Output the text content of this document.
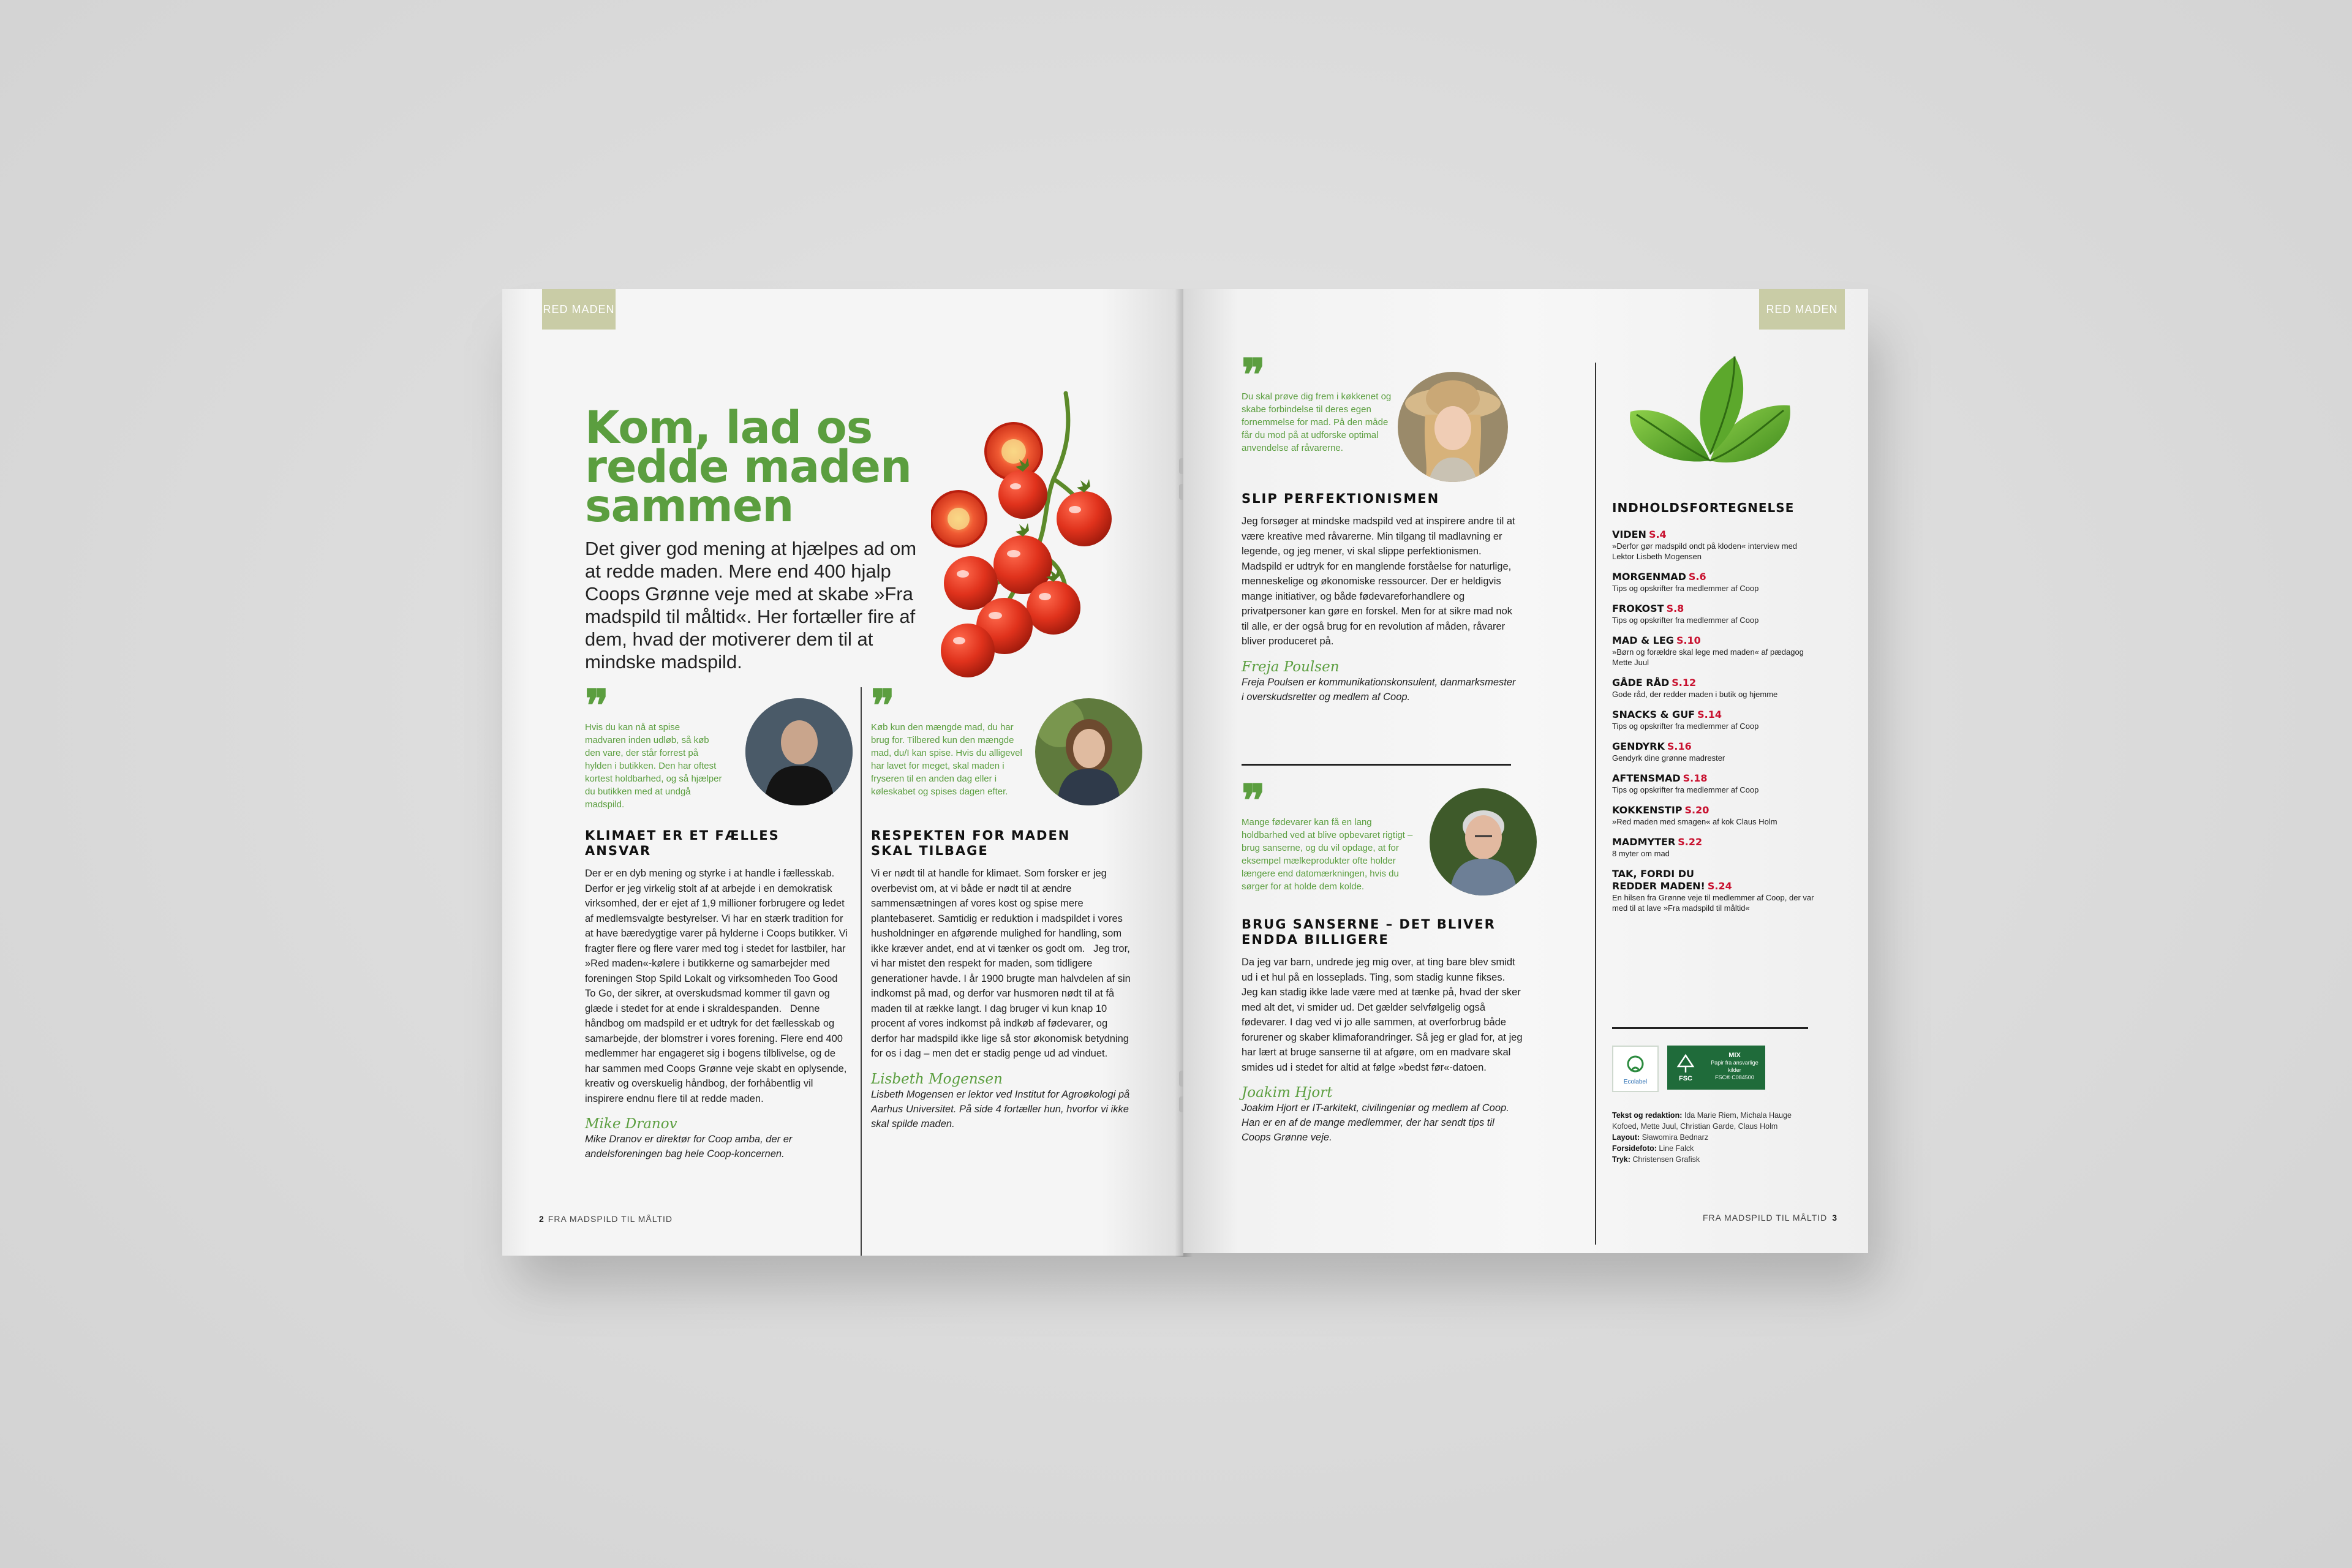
RED MADEN
Kom, lad os redde maden sammen
Det giver god mening at hjælpes ad om at redde maden. Mere end 400 hjalp Coops Grønne veje med at skabe »Fra madspild til måltid«. Her fortæller fire af dem, hvad der motiverer dem til at mindske madspild.
❞
Hvis du kan nå at spise madvaren inden udløb, så køb den vare, der står forrest på hylden i butikken. Den har oftest kortest holdbarhed, og så hjælper du butikken med at undgå madspild.
KLIMAET ER ET FÆLLES ANSVAR
Der er en dyb mening og styrke i at handle i fællesskab. Derfor er jeg virkelig stolt af at arbejde i en demokratisk virksomhed, der er ejet af 1,9 millioner forbrugere og ledet af medlemsvalgte bestyrelser. Vi har en stærk tradition for at have bæredygtige varer på hylderne i Coops butikker. Vi fragter flere og flere varer med tog i stedet for lastbiler, har »Red maden«-kølere i butikkerne og samarbejder med foreningen Stop Spild Lokalt og virksomheden Too Good To Go, der sikrer, at overskudsmad kommer til gavn og glæde i stedet for at ende i skraldespanden.   Denne håndbog om madspild er et udtryk for det fællesskab og samarbejde, der blomstrer i vores forening. Flere end 400 medlemmer har engageret sig i bogens tilblivelse, og de har sammen med Coops Grønne veje skabt en oplysende, kreativ og overskuelig håndbog, der forhåbentlig vil inspirere endnu flere til at redde maden.
Mike Dranov
Mike Dranov er direktør for Coop amba, der er andelsforeningen bag hele Coop-koncernen.
❞
Køb kun den mængde mad, du har brug for. Tilbered kun den mængde mad, du/I kan spise. Hvis du alligevel har lavet for meget, skal maden i fryseren til en anden dag eller i køleskabet og spises dagen efter.
RESPEKTEN FOR MADEN SKAL TILBAGE
Vi er nødt til at handle for klimaet. Som forsker er jeg overbevist om, at vi både er nødt til at ændre sammensætningen af vores kost og spise mere plantebaseret. Samtidig er reduktion i madspildet i vores husholdninger en afgørende mulighed for handling, som ikke kræver andet, end at vi tænker os godt om.   Jeg tror, vi har mistet den respekt for maden, som tidligere generationer havde. I år 1900 brugte man halvdelen af sin indkomst på mad, og derfor var husmoren nødt til at få maden til at række langt. I dag bruger vi kun knap 10 procent af vores indkomst på indkøb af fødevarer, og derfor har madspild ikke lige så stor økonomisk betydning for os i dag – men det er stadig penge ud ad vinduet.
Lisbeth Mogensen
Lisbeth Mogensen er lektor ved Institut for Agroøkologi på Aarhus Universitet. På side 4 fortæller hun, hvorfor vi ikke skal spilde maden.
2 FRA MADSPILD TIL MÅLTID
RED MADEN
❞
Du skal prøve dig frem i køkkenet og skabe forbindelse til deres egen fornemmelse for mad. På den måde får du mod på at udforske optimal anvendelse af råvarerne.
SLIP PERFEKTIONISMEN
Jeg forsøger at mindske madspild ved at inspirere andre til at være kreative med råvarerne. Min tilgang til madlavning er legende, og jeg mener, vi skal slippe perfektionismen. Madspild er udtryk for en manglende forståelse for naturlige, menneskelige og økonomiske ressourcer. Der er heldigvis mange initiativer, og både fødevareforhandlere og privatpersoner kan gøre en forskel. Men for at sikre mad nok til alle, er der også brug for en revolution af måden, råvarer bliver produceret på.
Freja Poulsen
Freja Poulsen er kommunikationskonsulent, danmarksmester i overskudsretter og medlem af Coop.
❞
Mange fødevarer kan få en lang holdbarhed ved at blive opbevaret rigtigt – brug sanserne, og du vil opdage, at for eksempel mælkeprodukter ofte holder længere end datomærkningen, hvis du sørger for at holde dem kolde.
BRUG SANSERNE – DET BLIVER ENDDA BILLIGERE
Da jeg var barn, undrede jeg mig over, at ting bare blev smidt ud i et hul på en losseplads. Ting, som stadig kunne fikses. Jeg kan stadig ikke lade være med at tænke på, hvad der sker med alt det, vi smider ud. Det gælder selvfølgelig også fødevarer. I dag ved vi jo alle sammen, at overforbrug både forurener og skaber klimaforandringer. Så jeg er glad for, at jeg har lært at bruge sanserne til at afgøre, om en madvare skal smides ud i stedet for altid at følge »bedst før«-datoen.
Joakim Hjort
Joakim Hjort er IT-arkitekt, civilingeniør og medlem af Coop. Han er en af de mange medlemmer, der har sendt tips til Coops Grønne veje.
INDHOLDSFORTEGNELSE
VIDEN S.4
»Derfor gør madspild ondt på kloden« interview med Lektor Lisbeth Mogensen
MORGENMAD S.6
Tips og opskrifter fra medlemmer af Coop
FROKOST S.8
Tips og opskrifter fra medlemmer af Coop
MAD & LEG S.10
»Børn og forældre skal lege med maden« af pædagog Mette Juul
GÅDE RÅD S.12
Gode råd, der redder maden i butik og hjemme
SNACKS & GUF S.14
Tips og opskrifter fra medlemmer af Coop
GENDYRK S.16
Gendyrk dine grønne madrester
AFTENSMAD S.18
Tips og opskrifter fra medlemmer af Coop
KOKKENSTIP S.20
»Red maden med smagen« af kok Claus Holm
MADMYTER S.22
8 myter om mad
TAK, FORDI DU REDDER MADEN! S.24
En hilsen fra Grønne veje til medlemmer af Coop, der var med til at lave »Fra madspild til måltid«
Ecolabel	FSC
MIX
Papir fra ansvarlige kilder
FSC® C084500
Tekst og redaktion: Ida Marie Riem, Michala Hauge Kofoed, Mette Juul, Christian Garde, Claus Holm
Layout: Sławomira Bednarz
Forsidefoto: Line Falck
Tryk: Christensen Grafisk
FRA MADSPILD TIL MÅLTID 3
